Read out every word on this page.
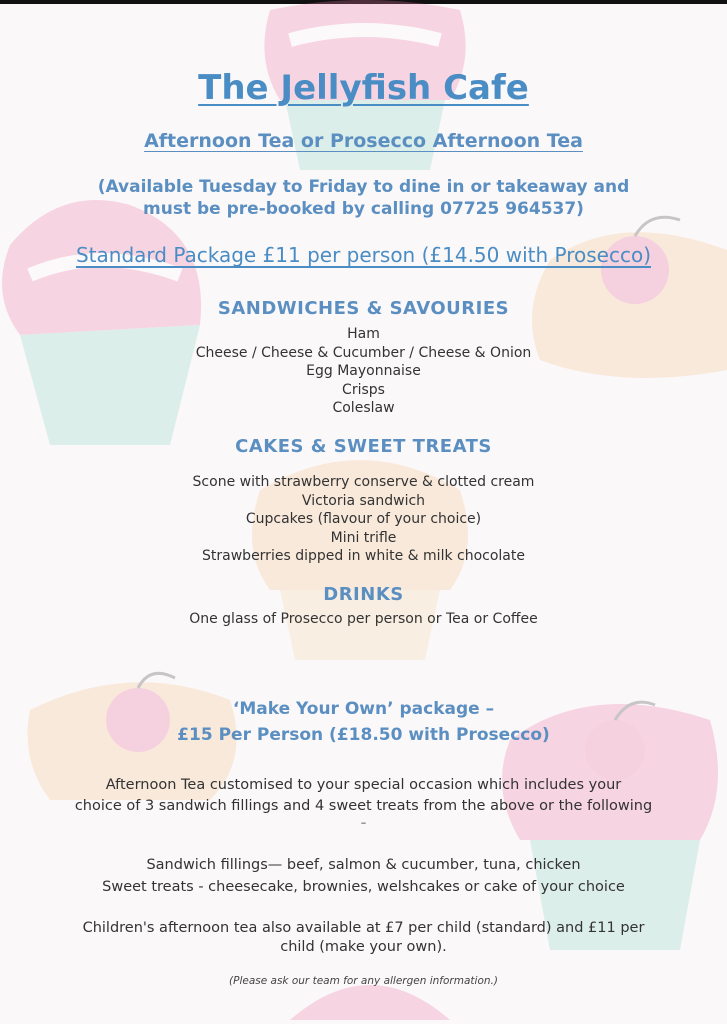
The Jellyfish Cafe
Afternoon Tea or Prosecco Afternoon Tea
(Available Tuesday to Friday to dine in or takeaway and
must be pre-booked by calling 07725 964537)
Standard Package £11 per person (£14.50 with Prosecco)
SANDWICHES & SAVOURIES
Ham
Cheese / Cheese & Cucumber / Cheese & Onion
Egg Mayonnaise
Crisps
Coleslaw
CAKES & SWEET TREATS
Scone with strawberry conserve & clotted cream
Victoria sandwich
Cupcakes (flavour of your choice)
Mini trifle
Strawberries dipped in white & milk chocolate
DRINKS
One glass of Prosecco per person or Tea or Coffee
‘Make Your Own’ package –
£15 Per Person (£18.50 with Prosecco)
Afternoon Tea customised to your special occasion which includes your
choice of 3 sandwich fillings and 4 sweet treats from the above or the following
–
Sandwich fillings— beef, salmon & cucumber, tuna, chicken
Sweet treats - cheesecake, brownies, welshcakes or cake of your choice
Children's afternoon tea also available at £7 per child (standard) and £11 per
child (make your own).
(Please ask our team for any allergen information.)
